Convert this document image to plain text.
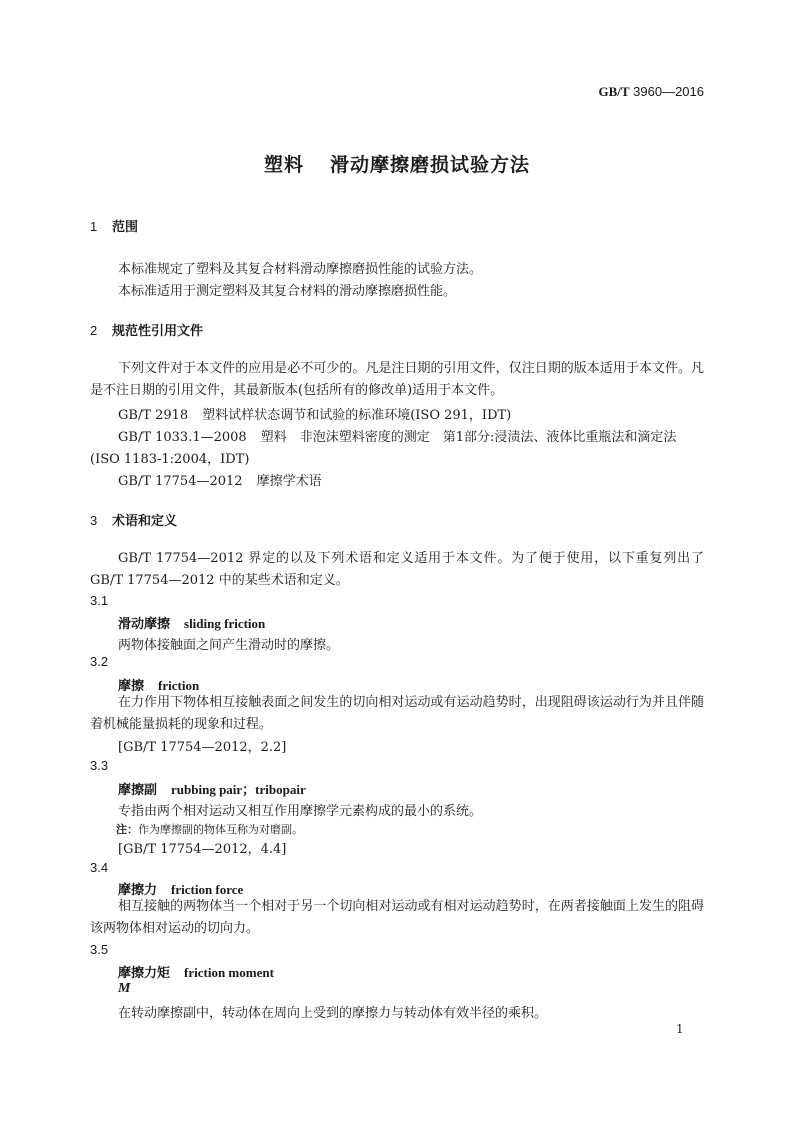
GB/T 3960—2016
塑料 滑动摩擦磨损试验方法
1 范围
本标准规定了塑料及其复合材料滑动摩擦磨损性能的试验方法。
本标准适用于测定塑料及其复合材料的滑动摩擦磨损性能。
2 规范性引用文件
下列文件对于本文件的应用是必不可少的。凡是注日期的引用文件，仅注日期的版本适用于本文件。凡是不注日期的引用文件，其最新版本(包括所有的修改单)适用于本文件。
GB/T 2918 塑料试样状态调节和试验的标准环境(ISO 291，IDT)
GB/T 1033.1—2008 塑料　非泡沫塑料密度的测定　第1部分:浸渍法、液体比重瓶法和滴定法
(ISO 1183-1:2004，IDT)
GB/T 17754—2012 摩擦学术语
3 术语和定义
GB/T 17754—2012 界定的以及下列术语和定义适用于本文件。为了便于使用，以下重复列出了GB/T 17754—2012 中的某些术语和定义。
3.1
滑动摩擦 sliding friction
两物体接触面之间产生滑动时的摩擦。
3.2
摩擦 friction
在力作用下物体相互接触表面之间发生的切向相对运动或有运动趋势时，出现阻碍该运动行为并且伴随着机械能量损耗的现象和过程。
[GB/T 17754—2012，2.2]
3.3
摩擦副 rubbing pair；tribopair
专指由两个相对运动又相互作用摩擦学元素构成的最小的系统。
注：作为摩擦副的物体互称为对磨副。
[GB/T 17754—2012，4.4]
3.4
摩擦力 friction force
相互接触的两物体当一个相对于另一个切向相对运动或有相对运动趋势时，在两者接触面上发生的阻碍该两物体相对运动的切向力。
3.5
摩擦力矩 friction moment
M
在转动摩擦副中，转动体在周向上受到的摩擦力与转动体有效半径的乘积。
1
